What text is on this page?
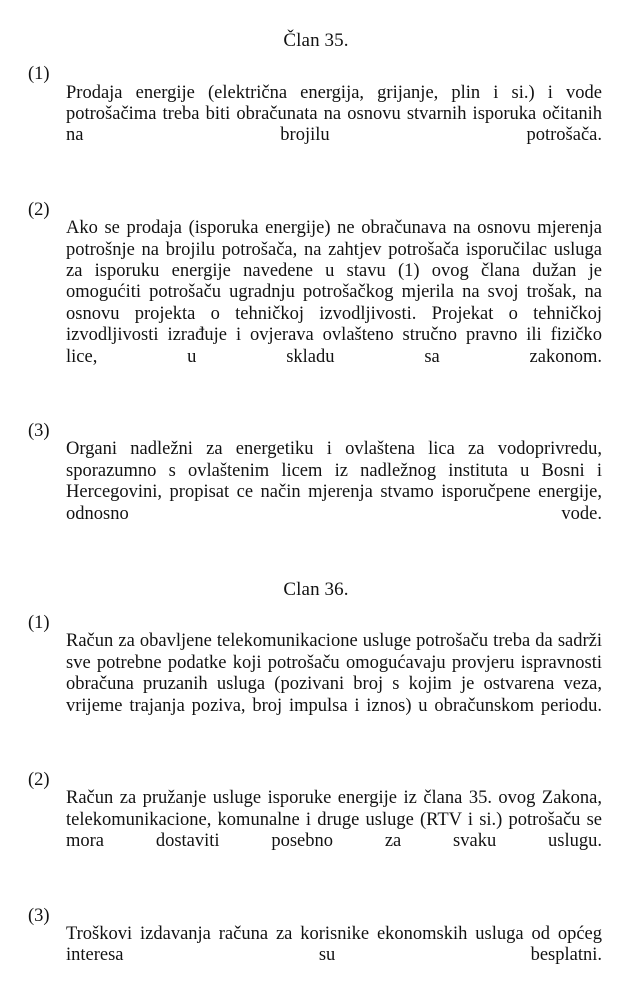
Član 35.
(1)

Prodaja energije (električna energija, grijanje, plin i si.) i vode potrošačima treba biti obračunata na osnovu stvarnih isporuka očitanih na brojilu potrošača.

(2)

Ako se prodaja (isporuka energije) ne obračunava na osnovu mjerenja potrošnje na brojilu potrošača, na zahtjev potrošača isporučilac usluga za isporuku energije navedene u stavu (1) ovog člana dužan je omogućiti potrošaču ugradnju potrošačkog mjerila na svoj trošak, na osnovu projekta o tehničkoj izvodljivosti. Projekat o tehničkoj izvodljivosti izrađuje i ovjerava ovlašteno stručno pravno ili fizičko lice, u skladu sa zakonom.

(3)

Organi nadležni za energetiku i ovlaštena lica za vodoprivredu, sporazumno s ovlaštenim licem iz nadležnog instituta u Bosni i Hercegovini, propisat ce način mjerenja stvamo isporučpene energije, odnosno vode.

Clan 36.
(1)

Račun za obavljene telekomunikacione usluge potrošaču treba da sadrži sve potrebne podatke koji potrošaču omogućavaju provjeru ispravnosti obračuna pruzanih usluga (pozivani broj s kojim je ostvarena veza, vrijeme trajanja poziva, broj impulsa i iznos) u obračunskom periodu.

(2)

Račun za pružanje usluge isporuke energije iz člana 35. ovog Zakona, telekomunikacione, komunalne i druge usluge (RTV i si.) potrošaču se mora dostaviti posebno za svaku uslugu.

(3)

Troškovi izdavanja računa za korisnike ekonomskih usluga od općeg interesa su besplatni.
